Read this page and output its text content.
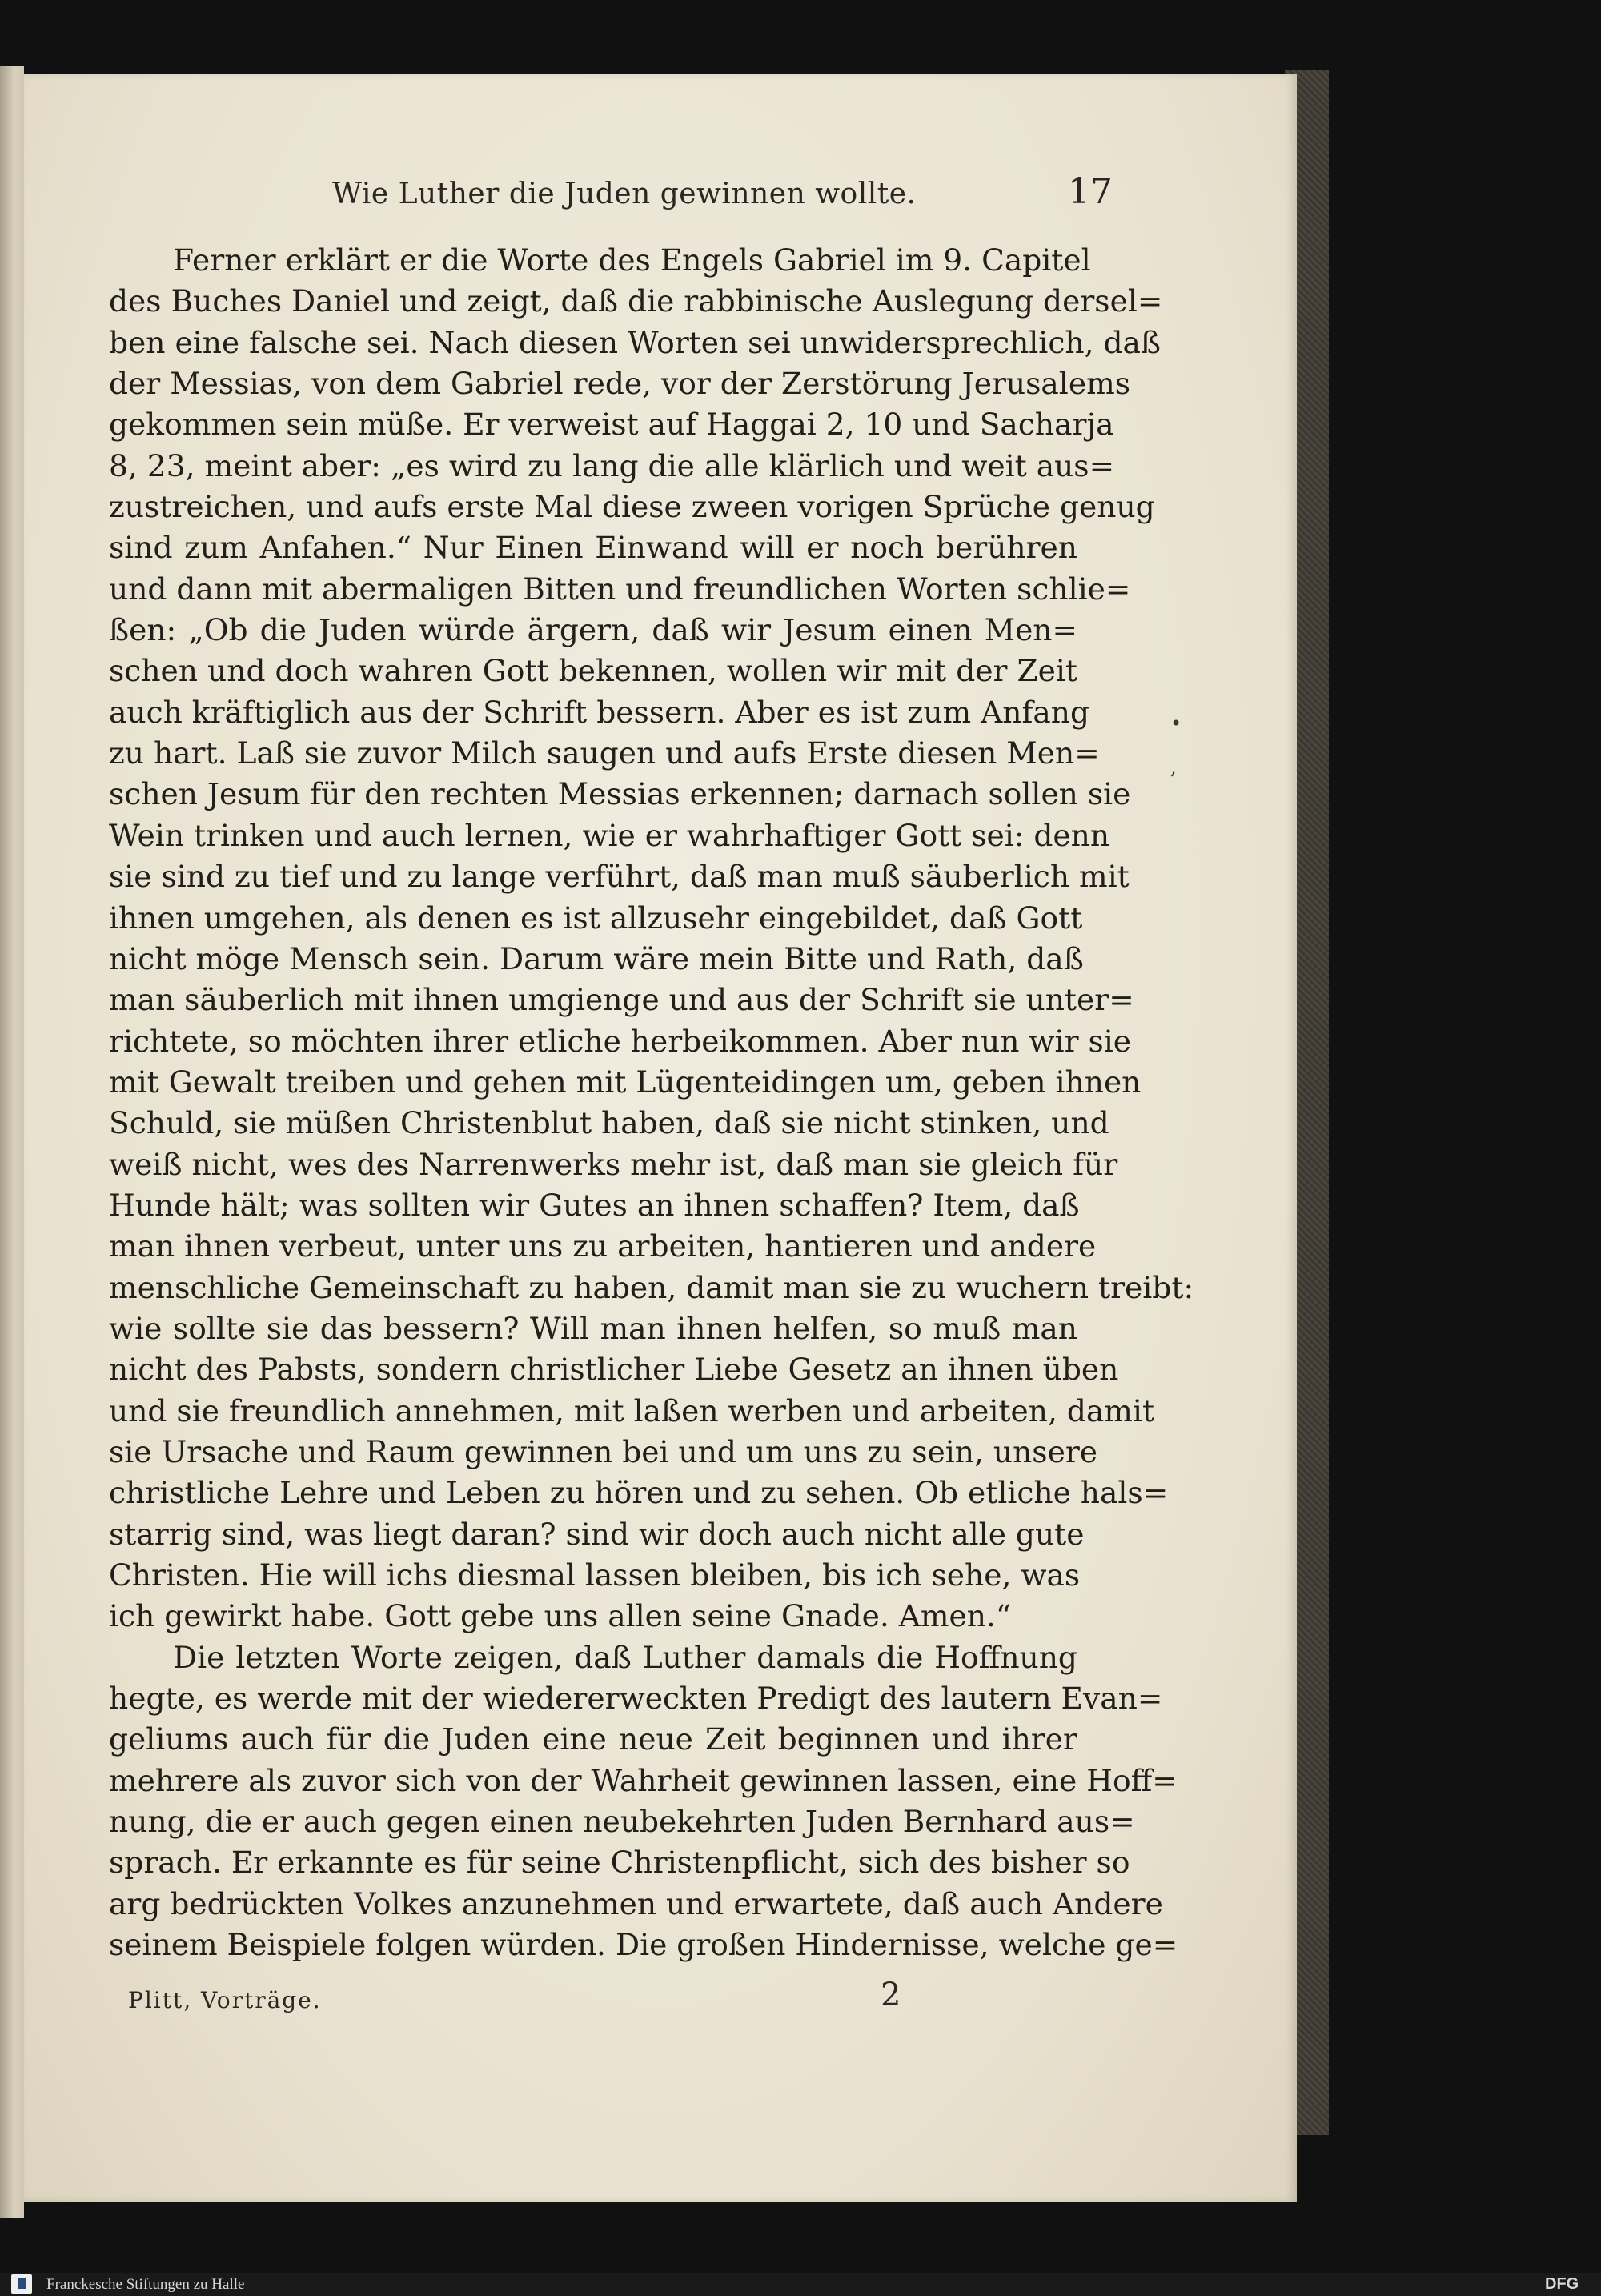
Wie Luther die Juden gewinnen wollte.	17
Ferner erklärt er die Worte des Engels Gabriel im 9. Capitel
des Buches Daniel und zeigt, daß die rabbinische Auslegung dersel=
ben eine falsche sei. Nach diesen Worten sei unwidersprechlich, daß
der Messias, von dem Gabriel rede, vor der Zerstörung Jerusalems
gekommen sein müße. Er verweist auf Haggai 2, 10 und Sacharja
8, 23, meint aber: „es wird zu lang die alle klärlich und weit aus=
zustreichen, und aufs erste Mal diese zween vorigen Sprüche genug
sind zum Anfahen.“ Nur Einen Einwand will er noch berühren
und dann mit abermaligen Bitten und freundlichen Worten schlie=
ßen: „Ob die Juden würde ärgern, daß wir Jesum einen Men=
schen und doch wahren Gott bekennen, wollen wir mit der Zeit
auch kräftiglich aus der Schrift bessern. Aber es ist zum Anfang
zu hart. Laß sie zuvor Milch saugen und aufs Erste diesen Men=
schen Jesum für den rechten Messias erkennen; darnach sollen sie
Wein trinken und auch lernen, wie er wahrhaftiger Gott sei: denn
sie sind zu tief und zu lange verführt, daß man muß säuberlich mit
ihnen umgehen, als denen es ist allzusehr eingebildet, daß Gott
nicht möge Mensch sein. Darum wäre mein Bitte und Rath, daß
man säuberlich mit ihnen umgienge und aus der Schrift sie unter=
richtete, so möchten ihrer etliche herbeikommen. Aber nun wir sie
mit Gewalt treiben und gehen mit Lügenteidingen um, geben ihnen
Schuld, sie müßen Christenblut haben, daß sie nicht stinken, und
weiß nicht, wes des Narrenwerks mehr ist, daß man sie gleich für
Hunde hält; was sollten wir Gutes an ihnen schaffen? Item, daß
man ihnen verbeut, unter uns zu arbeiten, hantieren und andere
menschliche Gemeinschaft zu haben, damit man sie zu wuchern treibt:
wie sollte sie das bessern? Will man ihnen helfen, so muß man
nicht des Pabsts, sondern christlicher Liebe Gesetz an ihnen üben
und sie freundlich annehmen, mit laßen werben und arbeiten, damit
sie Ursache und Raum gewinnen bei und um uns zu sein, unsere
christliche Lehre und Leben zu hören und zu sehen. Ob etliche hals=
starrig sind, was liegt daran? sind wir doch auch nicht alle gute
Christen. Hie will ichs diesmal lassen bleiben, bis ich sehe, was
ich gewirkt habe. Gott gebe uns allen seine Gnade. Amen.“
Die letzten Worte zeigen, daß Luther damals die Hoffnung
hegte, es werde mit der wiedererweckten Predigt des lautern Evan=
geliums auch für die Juden eine neue Zeit beginnen und ihrer
mehrere als zuvor sich von der Wahrheit gewinnen lassen, eine Hoff=
nung, die er auch gegen einen neubekehrten Juden Bernhard aus=
sprach. Er erkannte es für seine Christenpflicht, sich des bisher so
arg bedrückten Volkes anzunehmen und erwartete, daß auch Andere
seinem Beispiele folgen würden. Die großen Hindernisse, welche ge=
Plitt, Vorträge.	2
•
,
Franckesche Stiftungen zu Halle	DFG
